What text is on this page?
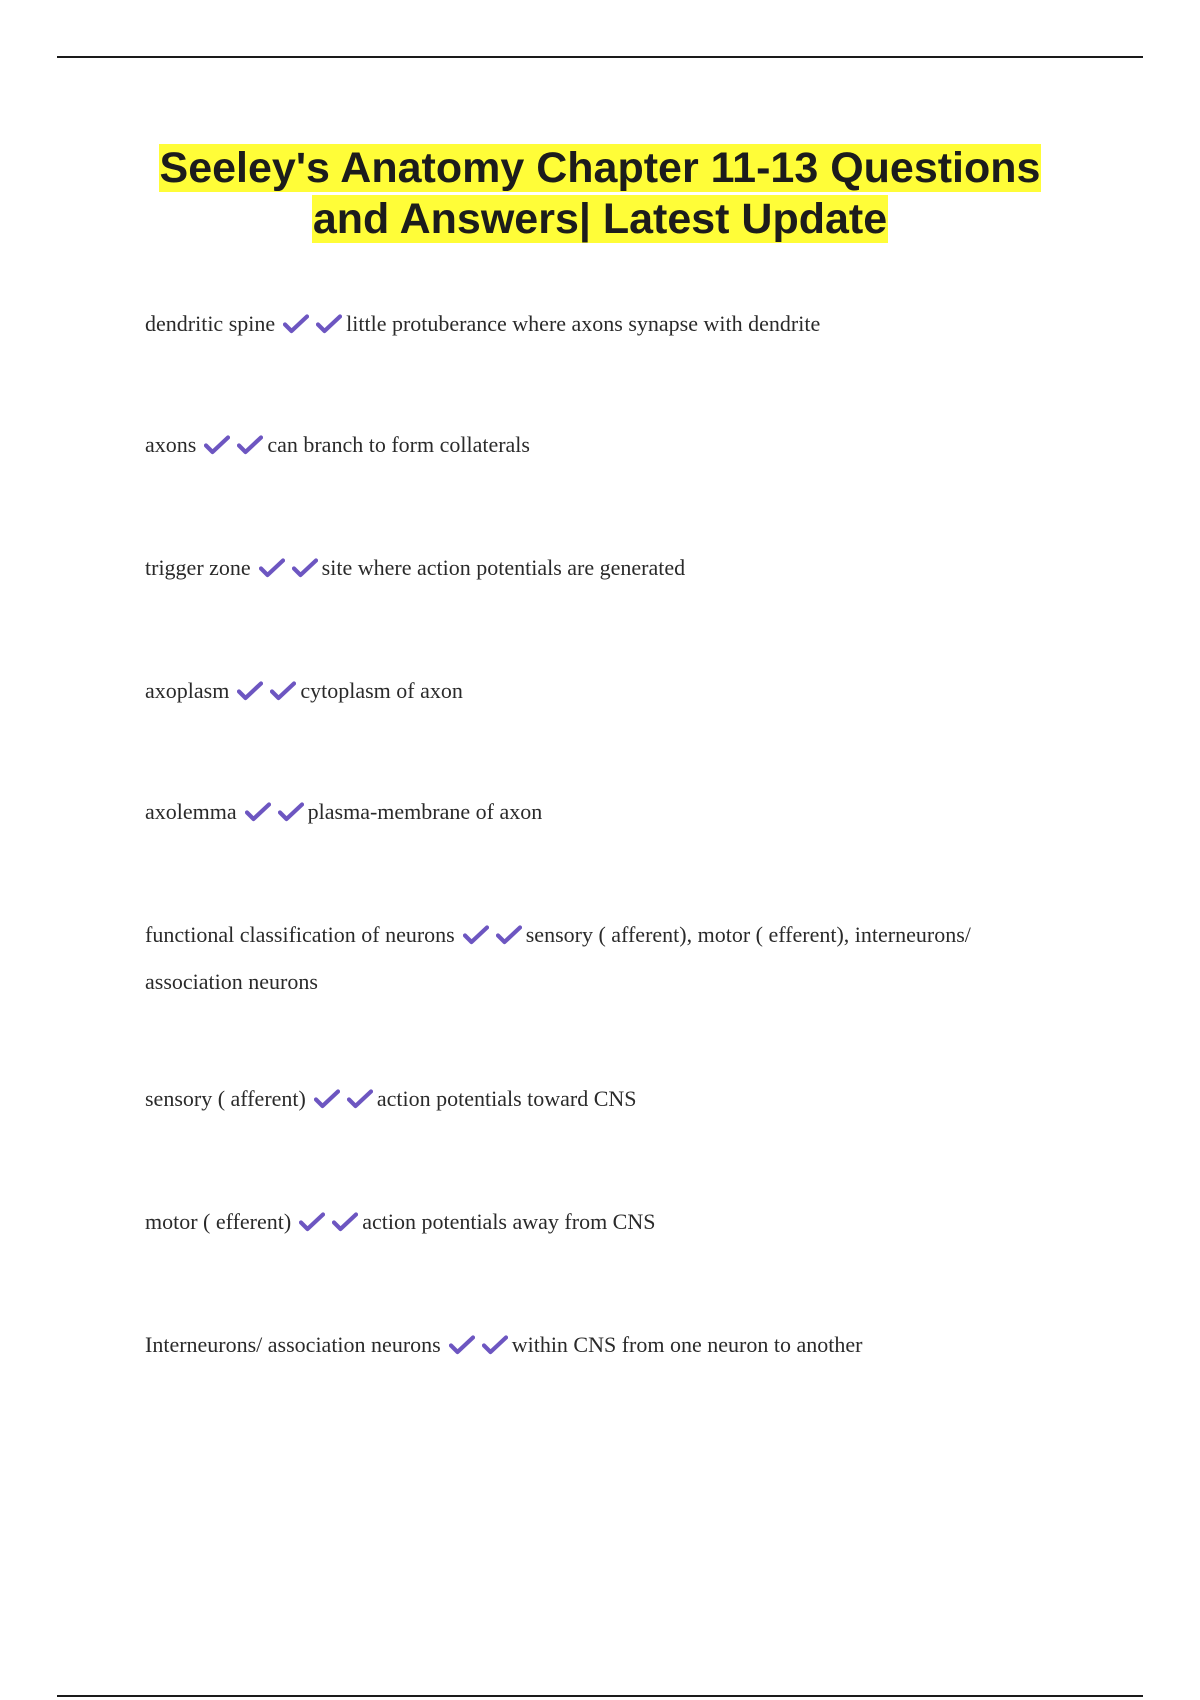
Seeley's Anatomy Chapter 11-13 Questions
and Answers| Latest Update
dendritic spine	little protuberance where axons synapse with dendrite
axons	can branch to form collaterals
trigger zone	site where action potentials are generated
axoplasm	cytoplasm of axon
axolemma	plasma-membrane of axon
functional classification of neurons	sensory ( afferent), motor ( efferent), interneurons/ association neurons
sensory ( afferent)	action potentials toward CNS
motor ( efferent)	action potentials away from CNS
Interneurons/ association neurons	within CNS from one neuron to another
